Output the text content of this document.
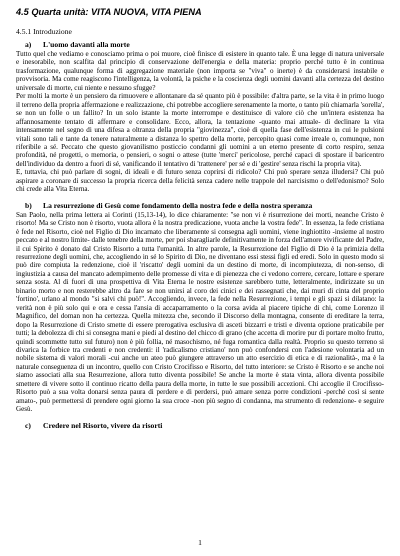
4.5 Quarta unità: VITA NUOVA, VITA PIENA
4.5.1 Introduzione
a) L'uomo davanti alla morte

Tutto quel che vediamo e conosciamo prima o poi muore, cioè finisce di esistere in quanto tale. È una legge di natura universale e inesorabile, non scalfita dal principio di conservazione dell'energia e della materia: proprio perché tutto è in continua trasformazione, qualunque forma di aggregazione materiale (non importa se "viva" o inerte) è da considerarsi instabile e provvisoria. Ma come reagiscono l'intelligenza, la volontà, la psiche e la coscienza degli uomini davanti alla certezza del destino universale di morte, cui niente e nessuno sfugge?

Per molti la morte è un pensiero da rimuovere e allontanare da sé quanto più è possibile: d'altra parte, se la vita è in primo luogo il terreno della propria affermazione e realizzazione, chi potrebbe accogliere serenamente la morte, o tanto più chiamarla 'sorella', se non un folle o un fallito? In un solo istante la morte interrompe e destituisce di valore ciò che un'intera esistenza ha affannosamente tentato di affermare e consolidare. Ecco, allora, la tentazione -quanto mai attuale- di declinare la vita intensamente nel segno di una difesa a oltranza della propria "giovinezza", cioè di quella fase dell'esistenza in cui le pulsioni vitali sono tali e tante da tenere naturalmente a distanza lo spettro della morte, percepito quasi come irreale o, comunque, non riferibile a sé. Peccato che questo giovanilismo posticcio condanni gli uomini a un eterno presente di corto respiro, senza profondità, né progetti, o memoria, o pensieri, o sogni o attese (tutte 'merci' pericolose, perché capaci di spostare il baricentro dell'individuo da dentro a fuori di sé, vanificando il tentativo di 'trattenere' per sé e di 'gestire' senza rischi la propria vita).

E, tuttavia, chi può parlare di sogni, di ideali e di futuro senza coprirsi di ridicolo? Chi può sperare senza illudersi? Chi può aspirare a coronare di successo la propria ricerca della felicità senza cadere nelle trappole del narcisismo o dell'edonismo? Solo chi crede alla Vita Eterna.

b) La resurrezione di Gesù come fondamento della nostra fede e della nostra speranza

San Paolo, nella prima lettera ai Corinti (15,13-14), lo dice chiaramente: "se non vi è risurrezione dei morti, neanche Cristo è risorto! Ma se Cristo non è risorto, vuota allora è la nostra predicazione, vuota anche la vostra fede". In essenza, la fede cristiana è fede nel Risorto, cioè nel Figlio di Dio incarnato che liberamente si consegna agli uomini, viene inghiottito -insieme al nostro peccato e al nostro limite- dalle tenebre della morte, per poi sbaragliarle definitivamente in forza dell'amore vivificante del Padre, il cui Spirito è donato dal Cristo Risorto a tutta l'umanità. In altre parole, la Resurrezione del Figlio di Dio è la primizia della resurrezione degli uomini, che, accogliendo in sé lo Spirito di Dio, ne diventano essi stessi figli ed eredi. Solo in questo modo si può dire compiuta la redenzione, cioè il 'riscatto' degli uomini da un destino di morte, di incompiutezza, di non-senso, di ingiustizia a causa del mancato adempimento delle promesse di vita e di pienezza che ci vedono correre, cercare, lottare e sperare senza sosta. Al di fuori di una prospettiva di Vita Eterna le nostre esistenze sarebbero tutte, letteralmente, indirizzate su un binario morto e non resterebbe altro da fare se non unirsi al coro dei cinici e dei rassegnati che, dai muri di cinta del proprio 'fortino', urlano al mondo "si salvi chi può!". Accogliendo, invece, la fede nella Resurrezione, i tempi e gli spazi si dilatano: la verità non è più solo qui e ora e cessa l'ansia di accaparramento o la corsa avida al piacere tipiche di chi, come Lorenzo il Magnifico, del doman non ha certezza. Quella mitezza che, secondo il Discorso della montagna, consente di ereditare la terra, dopo la Resurrezione di Cristo smette di essere prerogativa esclusiva di asceti bizzarri e tristi e diventa opzione praticabile per tutti; la debolezza di chi si consegna mani e piedi al destino del chicco di grano (che accetta di morire pur di portare molto frutto, quindi scommette tutto sul futuro) non è più follia, né masochismo, né fuga romantica dalla realtà. Proprio su questo terreno si divarica la forbice tra credenti e non credenti: il 'radicalismo cristiano' non può confondersi con l'adesione volontaria ad un nobile sistema di valori morali -cui anche un ateo può giungere attraverso un atto esercizio di etica e di razionalità-, ma è la naturale conseguenza di un incontro, quello con Cristo Crocifisso e Risorto, del tutto interiore: se Cristo è Risorto e se anche noi siamo associati alla sua Resurrezione, allora tutto diventa possibile! Se anche la morte è stata vinta, allora diventa possibile smettere di vivere sotto il continuo ricatto della paura della morte, in tutte le sue possibili accezioni. Chi accoglie il Crocifisso-Risorto può a sua volta donarsi senza paura di perdere e di perdersi, può amare senza porre condizioni -perché così si sente amato-, può permettersi di prendere ogni giorno la sua croce -non più segno di condanna, ma strumento di redenzione- e seguire Gesù.

c) Credere nel Risorto, vivere da risorti
1
